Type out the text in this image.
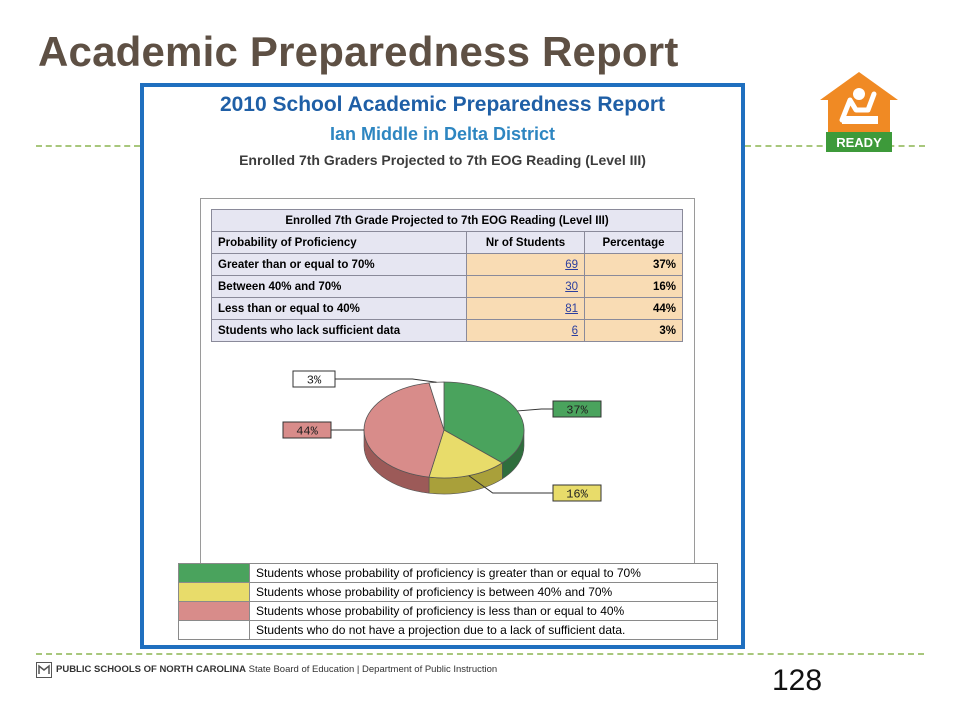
Academic Preparedness Report
READY
2010 School Academic Preparedness Report
Ian Middle in Delta District
Enrolled 7th Graders Projected to 7th EOG Reading (Level III)
Enrolled 7th Grade Projected to 7th EOG Reading (Level III)		
Probability of Proficiency	Nr of Students	Percentage
Greater than or equal to 70%	69	37%
Between 40% and 70%	30	16%
Less than or equal to 40%	81	44%
Students who lack sufficient data	6	3%
37%
16%
44%
3%
	Students whose probability of proficiency is greater than or equal to 70%
	Students whose probability of proficiency is between 40% and 70%
	Students whose probability of proficiency is less than or equal to 40%
	Students who do not have a projection due to a lack of sufficient data.
PUBLIC SCHOOLS OF NORTH CAROLINA State Board of Education | Department of Public Instruction	128
